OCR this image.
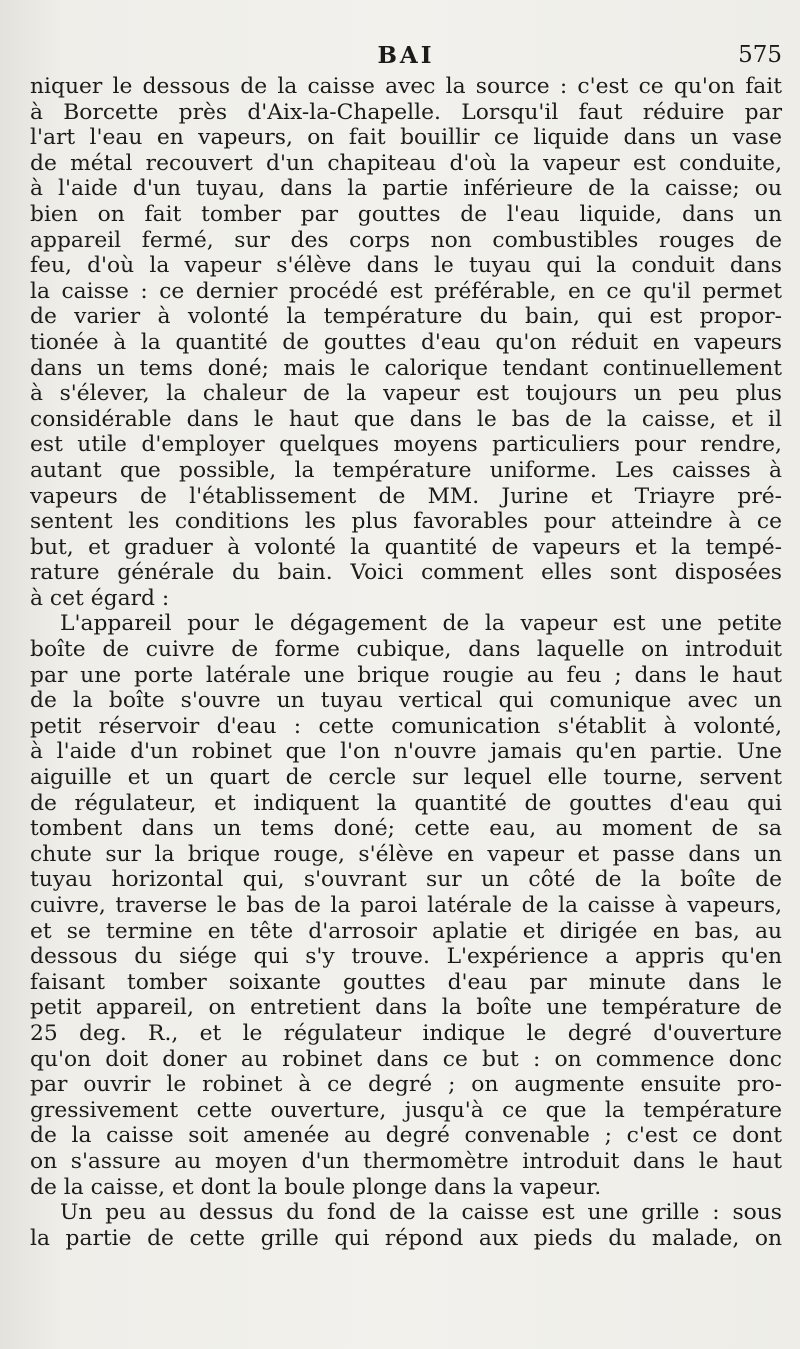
BAI	575
niquer le dessous de la caisse avec la source : c'est ce qu'on fait
à Borcette près d'Aix-la-Chapelle. Lorsqu'il faut réduire par
l'art l'eau en vapeurs, on fait bouillir ce liquide dans un vase
de métal recouvert d'un chapiteau d'où la vapeur est conduite,
à l'aide d'un tuyau, dans la partie inférieure de la caisse; ou
bien on fait tomber par gouttes de l'eau liquide, dans un
appareil fermé, sur des corps non combustibles rouges de
feu, d'où la vapeur s'élève dans le tuyau qui la conduit dans
la caisse : ce dernier procédé est préférable, en ce qu'il permet
de varier à volonté la température du bain, qui est propor-
tionée à la quantité de gouttes d'eau qu'on réduit en vapeurs
dans un tems doné; mais le calorique tendant continuellement
à s'élever, la chaleur de la vapeur est toujours un peu plus
considérable dans le haut que dans le bas de la caisse, et il
est utile d'employer quelques moyens particuliers pour rendre,
autant que possible, la température uniforme. Les caisses à
vapeurs de l'établissement de MM. Jurine et Triayre pré-
sentent les conditions les plus favorables pour atteindre à ce
but, et graduer à volonté la quantité de vapeurs et la tempé-
rature générale du bain. Voici comment elles sont disposées
à cet égard :
L'appareil pour le dégagement de la vapeur est une petite
boîte de cuivre de forme cubique, dans laquelle on introduit
par une porte latérale une brique rougie au feu ; dans le haut
de la boîte s'ouvre un tuyau vertical qui comunique avec un
petit réservoir d'eau : cette comunication s'établit à volonté,
à l'aide d'un robinet que l'on n'ouvre jamais qu'en partie. Une
aiguille et un quart de cercle sur lequel elle tourne, servent
de régulateur, et indiquent la quantité de gouttes d'eau qui
tombent dans un tems doné; cette eau, au moment de sa
chute sur la brique rouge, s'élève en vapeur et passe dans un
tuyau horizontal qui, s'ouvrant sur un côté de la boîte de
cuivre, traverse le bas de la paroi latérale de la caisse à vapeurs,
et se termine en tête d'arrosoir aplatie et dirigée en bas, au
dessous du siége qui s'y trouve. L'expérience a appris qu'en
faisant tomber soixante gouttes d'eau par minute dans le
petit appareil, on entretient dans la boîte une température de
25 deg. R., et le régulateur indique le degré d'ouverture
qu'on doit doner au robinet dans ce but : on commence donc
par ouvrir le robinet à ce degré ; on augmente ensuite pro-
gressivement cette ouverture, jusqu'à ce que la température
de la caisse soit amenée au degré convenable ; c'est ce dont
on s'assure au moyen d'un thermomètre introduit dans le haut
de la caisse, et dont la boule plonge dans la vapeur.
Un peu au dessus du fond de la caisse est une grille : sous
la partie de cette grille qui répond aux pieds du malade, on
